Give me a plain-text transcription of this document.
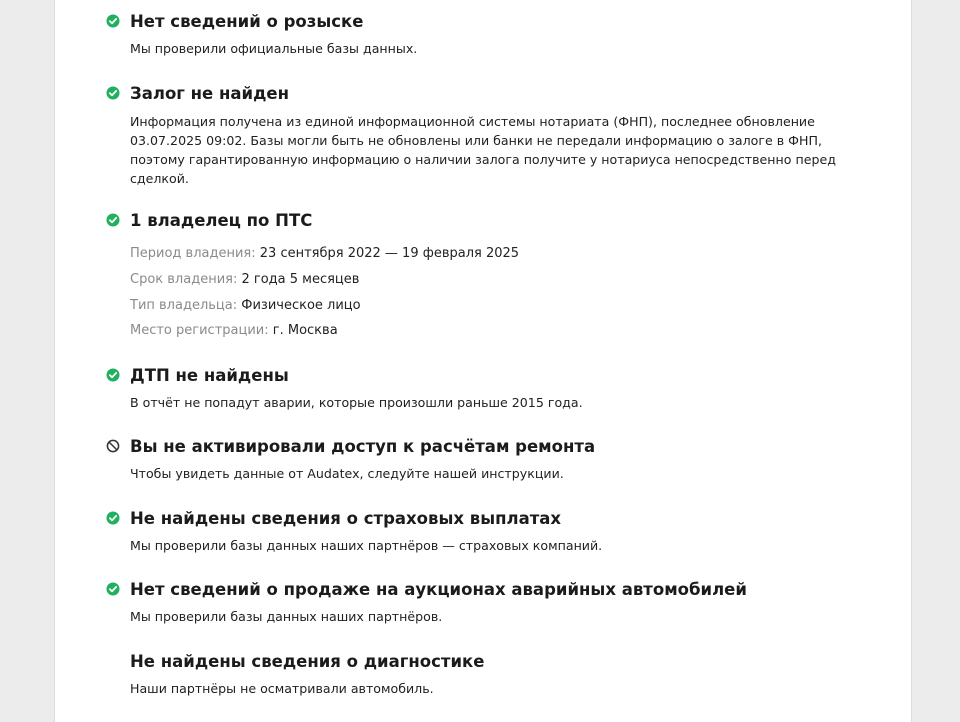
Нет сведений о розыске
Мы проверили официальные базы данных.
Залог не найден
Информация получена из единой информационной системы нотариата (ФНП), последнее обновление 03.07.2025 09:02. Базы могли быть не обновлены или банки не передали информацию о залоге в ФНП, поэтому гарантированную информацию о наличии залога получите у нотариуса непосредственно перед сделкой.
1 владелец по ПТС
Период владения: 23 сентября 2022 — 19 февраля 2025
Срок владения: 2 года 5 месяцев
Тип владельца: Физическое лицо
Место регистрации: г. Москва
ДТП не найдены
В отчёт не попадут аварии, которые произошли раньше 2015 года.
Вы не активировали доступ к расчётам ремонта
Чтобы увидеть данные от Audatex, следуйте нашей инструкции.
Не найдены сведения о страховых выплатах
Мы проверили базы данных наших партнёров — страховых компаний.
Нет сведений о продаже на аукционах аварийных автомобилей
Мы проверили базы данных наших партнёров.
Не найдены сведения о диагностике
Наши партнёры не осматривали автомобиль.
